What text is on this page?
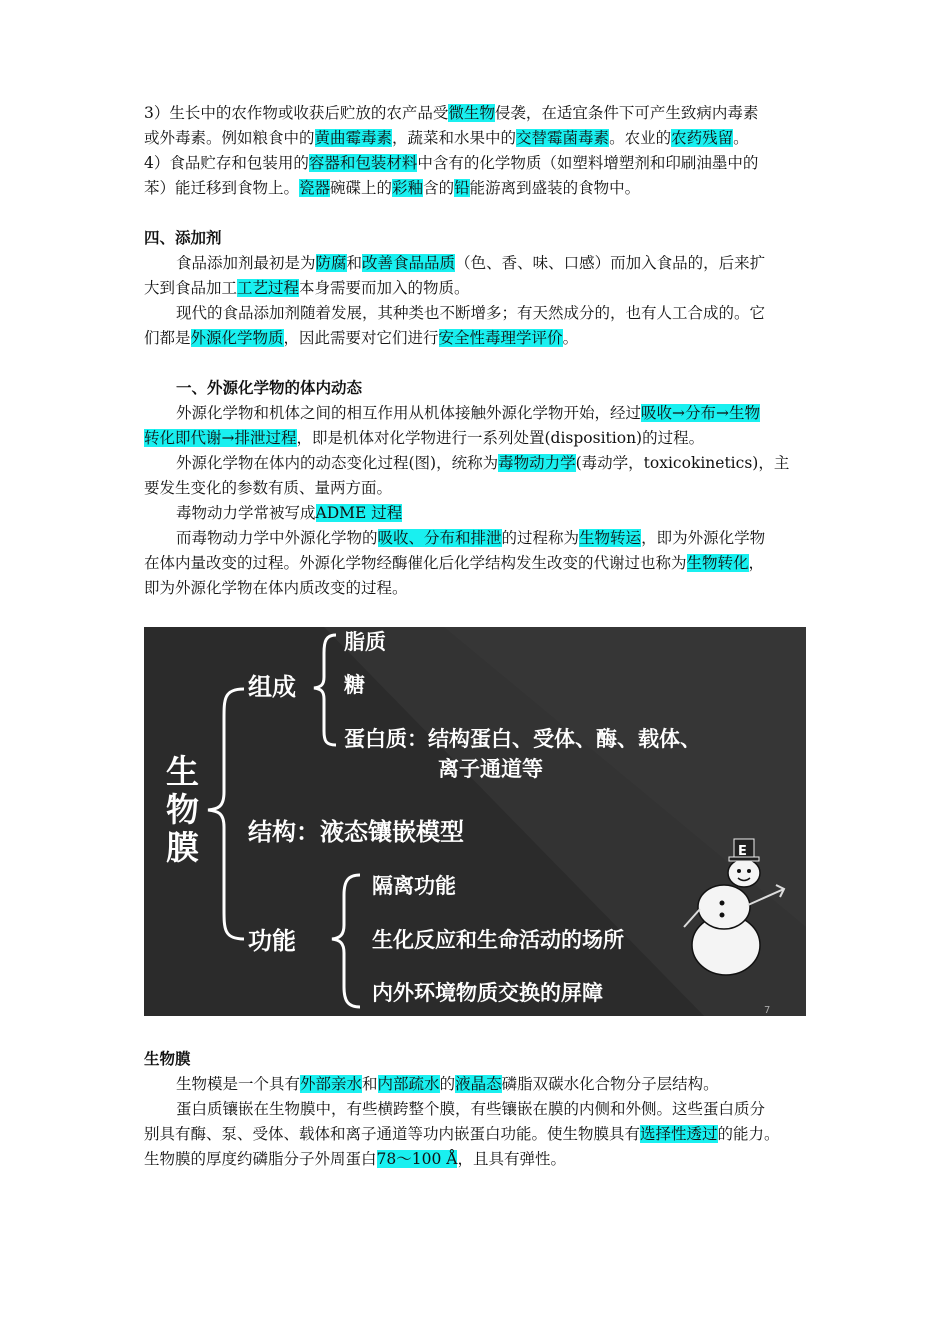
3）生长中的农作物或收获后贮放的农产品受微生物侵袭，在适宜条件下可产生致病内毒素

或外毒素。例如粮食中的黄曲霉毒素，蔬菜和水果中的交替霉菌毒素。农业的农药残留。

4）食品贮存和包装用的容器和包装材料中含有的化学物质（如塑料增塑剂和印刷油墨中的

苯）能迁移到食物上。瓷器碗碟上的彩釉含的铅能游离到盛装的食物中。

四、添加剂

食品添加剂最初是为防腐和改善食品品质（色、香、味、口感）而加入食品的，后来扩

大到食品加工工艺过程本身需要而加入的物质。

现代的食品添加剂随着发展，其种类也不断增多；有天然成分的，也有人工合成的。它

们都是外源化学物质，因此需要对它们进行安全性毒理学评价。

一、外源化学物的体内动态

外源化学物和机体之间的相互作用从机体接触外源化学物开始，经过吸收→分布→生物

转化即代谢→排泄过程，即是机体对化学物进行一系列处置(disposition)的过程。

外源化学物在体内的动态变化过程(图)，统称为毒物动力学(毒动学，toxicokinetics)，主

要发生变化的参数有质、量两方面。

毒物动力学常被写成ADME 过程

而毒物动力学中外源化学物的吸收、分布和排泄的过程称为生物转运，即为外源化学物

在体内量改变的过程。外源化学物经酶催化后化学结构发生改变的代谢过也称为生物转化，

即为外源化学物在体内质改变的过程。

生
物
膜
组成
脂质
糖
蛋白质：结构蛋白、受体、酶、载体、
离子通道等
结构：液态镶嵌模型
功能
隔离功能
生化反应和生命活动的场所
内外环境物质交换的屏障
E
7

生物膜

生物模是一个具有外部亲水和内部疏水的液晶态磷脂双碳水化合物分子层结构。

蛋白质镶嵌在生物膜中，有些横跨整个膜，有些镶嵌在膜的内侧和外侧。这些蛋白质分

别具有酶、泵、受体、载体和离子通道等功内嵌蛋白功能。使生物膜具有选择性透过的能力。

生物膜的厚度约磷脂分子外周蛋白78～100 Å，且具有弹性。
